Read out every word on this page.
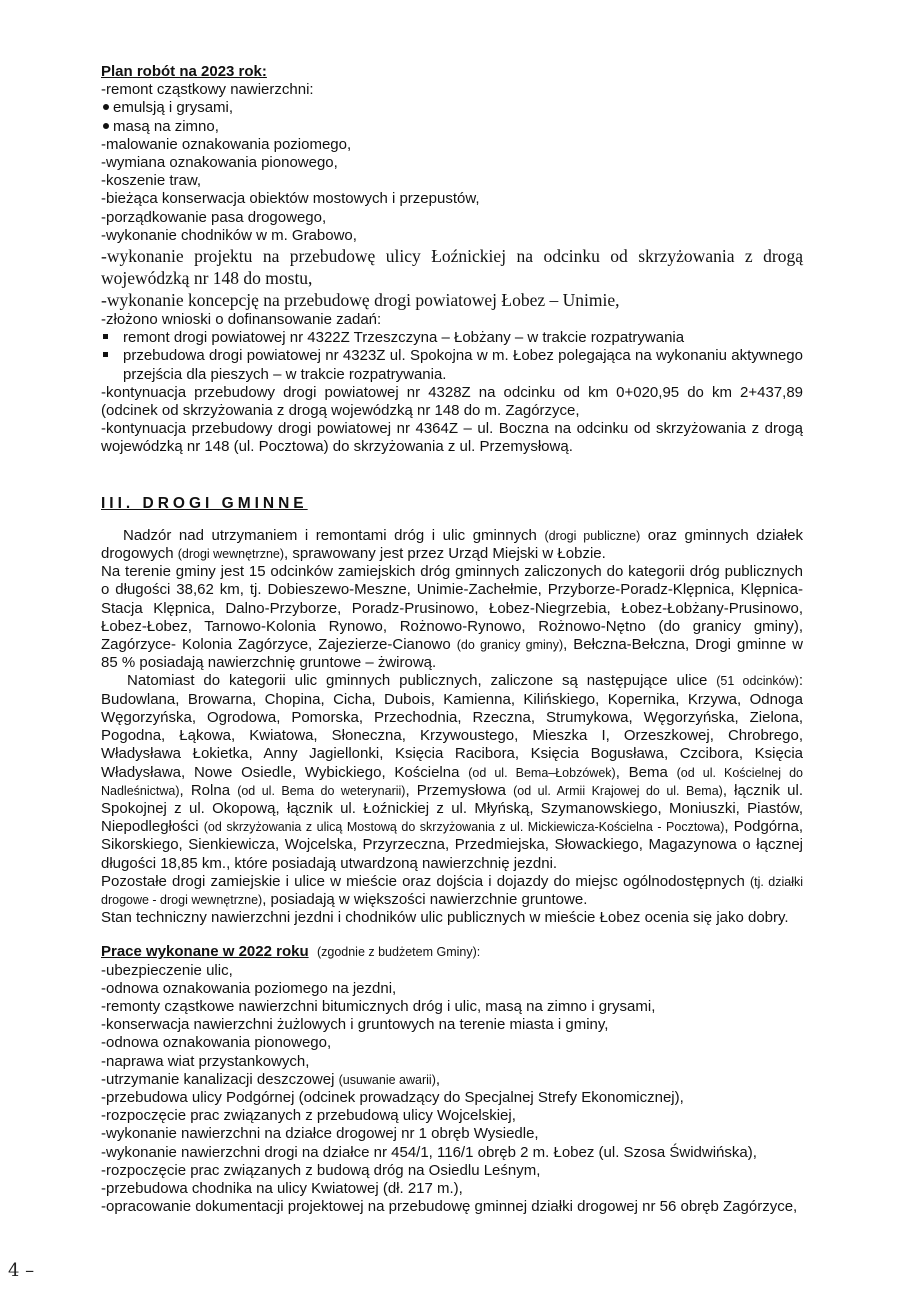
Plan robót na 2023 rok:
-remont cząstkowy nawierzchni:
emulsją i grysami,
masą na zimno,
-malowanie oznakowania poziomego,
-wymiana oznakowania pionowego,
-koszenie traw,
-bieżąca konserwacja obiektów mostowych i przepustów,
-porządkowanie pasa drogowego,
-wykonanie chodników w m. Grabowo,
-wykonanie projektu na przebudowę ulicy Łoźnickiej na odcinku od skrzyżowania z drogą wojewódzką nr 148 do mostu,
-wykonanie koncepcję na przebudowę drogi powiatowej Łobez – Unimie,
-złożono wnioski o dofinansowanie zadań:
remont drogi powiatowej nr 4322Z Trzeszczyna – Łobżany – w trakcie rozpatrywania
przebudowa drogi powiatowej nr 4323Z ul. Spokojna w m. Łobez polegająca na wykonaniu aktywnego przejścia dla pieszych – w trakcie rozpatrywania.
-kontynuacja przebudowy drogi powiatowej nr 4328Z na odcinku od km 0+020,95 do km 2+437,89 (odcinek od skrzyżowania z drogą wojewódzką nr 148 do m. Zagórzyce,
-kontynuacja przebudowy drogi powiatowej nr 4364Z – ul. Boczna na odcinku od skrzyżowania z drogą wojewódzką nr 148 (ul. Pocztowa) do skrzyżowania z ul. Przemysłową.
III. DROGI GMINNE
Nadzór nad utrzymaniem i remontami dróg i ulic gminnych (drogi publiczne) oraz gminnych działek drogowych (drogi wewnętrzne), sprawowany jest przez Urząd Miejski w Łobzie.
Na terenie gminy jest 15 odcinków zamiejskich dróg gminnych zaliczonych do kategorii dróg publicznych o długości 38,62 km, tj. Dobieszewo-Meszne, Unimie-Zachełmie, Przyborze-Poradz-Klępnica, Klępnica-Stacja Klępnica, Dalno-Przyborze, Poradz-Prusinowo, Łobez-Niegrzebia, Łobez-Łobżany-Prusinowo, Łobez-Łobez, Tarnowo-Kolonia Rynowo, Rożnowo-Rynowo, Rożnowo-Nętno (do granicy gminy), Zagórzyce- Kolonia Zagórzyce, Zajezierze-Cianowo (do granicy gminy), Bełczna-Bełczna, Drogi gminne w 85 % posiadają nawierzchnię gruntowe – żwirową.
Natomiast do kategorii ulic gminnych publicznych, zaliczone są następujące ulice (51 odcinków): Budowlana, Browarna, Chopina, Cicha, Dubois, Kamienna, Kilińskiego, Kopernika, Krzywa, Odnoga Węgorzyńska, Ogrodowa, Pomorska, Przechodnia, Rzeczna, Strumykowa, Węgorzyńska, Zielona, Pogodna, Łąkowa, Kwiatowa, Słoneczna, Krzywoustego, Mieszka I, Orzeszkowej, Chrobrego, Władysława Łokietka, Anny Jagiellonki, Księcia Racibora, Księcia Bogusława, Czcibora, Księcia Władysława, Nowe Osiedle, Wybickiego, Kościelna (od ul. Bema–Łobzówek), Bema (od ul. Kościelnej do Nadleśnictwa), Rolna (od ul. Bema do weterynarii), Przemysłowa (od ul. Armii Krajowej do ul. Bema), łącznik ul. Spokojnej z ul. Okopową, łącznik ul. Łoźnickiej z ul. Młyńską, Szymanowskiego, Moniuszki, Piastów, Niepodległości (od skrzyżowania z ulicą Mostową do skrzyżowania z ul. Mickiewicza-Kościelna - Pocztowa), Podgórna, Sikorskiego, Sienkiewicza, Wojcelska, Przyrzeczna, Przedmiejska, Słowackiego, Magazynowa o łącznej długości 18,85 km., które posiadają utwardzoną nawierzchnię jezdni.
Pozostałe drogi zamiejskie i ulice w mieście oraz dojścia i dojazdy do miejsc ogólnodostępnych (tj. działki drogowe - drogi wewnętrzne), posiadają w większości nawierzchnie gruntowe.
Stan techniczny nawierzchni jezdni i chodników ulic publicznych w mieście Łobez ocenia się jako dobry.
Prace wykonane w 2022 roku (zgodnie z budżetem Gminy):
-ubezpieczenie ulic,
-odnowa oznakowania poziomego na jezdni,
-remonty cząstkowe nawierzchni bitumicznych dróg i ulic, masą na zimno i grysami,
-konserwacja nawierzchni żużlowych i gruntowych na terenie miasta i gminy,
-odnowa oznakowania pionowego,
-naprawa wiat przystankowych,
-utrzymanie kanalizacji deszczowej (usuwanie awarii),
-przebudowa ulicy Podgórnej (odcinek prowadzący do Specjalnej Strefy Ekonomicznej),
-rozpoczęcie prac związanych z przebudową ulicy Wojcelskiej,
-wykonanie nawierzchni na działce drogowej nr 1 obręb Wysiedle,
-wykonanie nawierzchni drogi na działce nr 454/1, 116/1 obręb 2 m. Łobez (ul. Szosa Świdwińska),
-rozpoczęcie prac związanych z budową dróg na Osiedlu Leśnym,
-przebudowa chodnika na ulicy Kwiatowej (dł. 217 m.),
-opracowanie dokumentacji projektowej na przebudowę gminnej działki drogowej nr 56 obręb Zagórzyce,
4 –
